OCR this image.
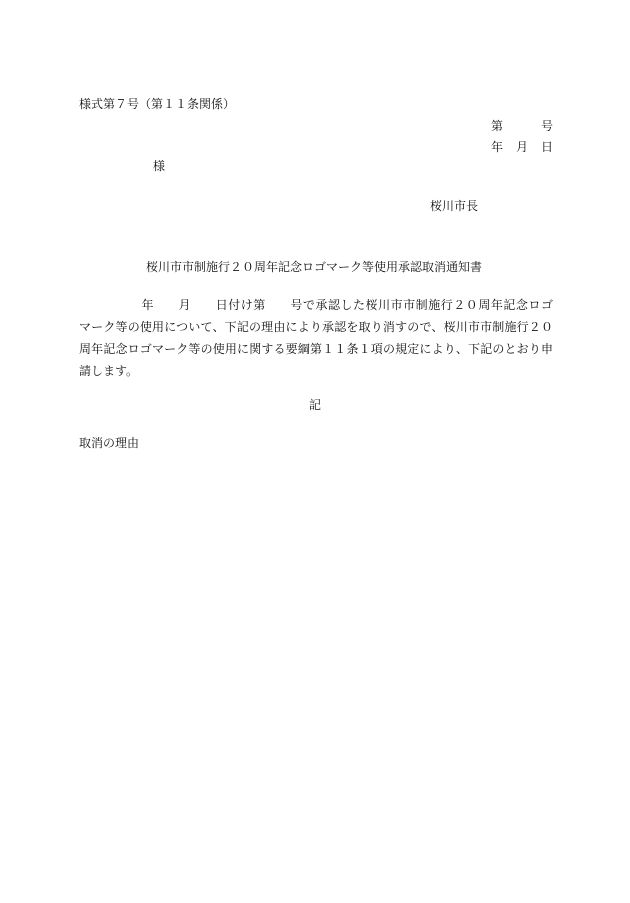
様式第７号（第１１条関係）
第	号
年 月 日
様
桜川市長
桜川市市制施行２０周年記念ロゴマーク等使用承認取消通知書
年 月 日付け第 号で承認した桜川市市制施行２０周年記念ロゴ
マーク等の使用について、下記の理由により承認を取り消すので、桜川市市制施行２０
周年記念ロゴマーク等の使用に関する要綱第１１条１項の規定により、下記のとおり申
請します。
記
取消の理由
